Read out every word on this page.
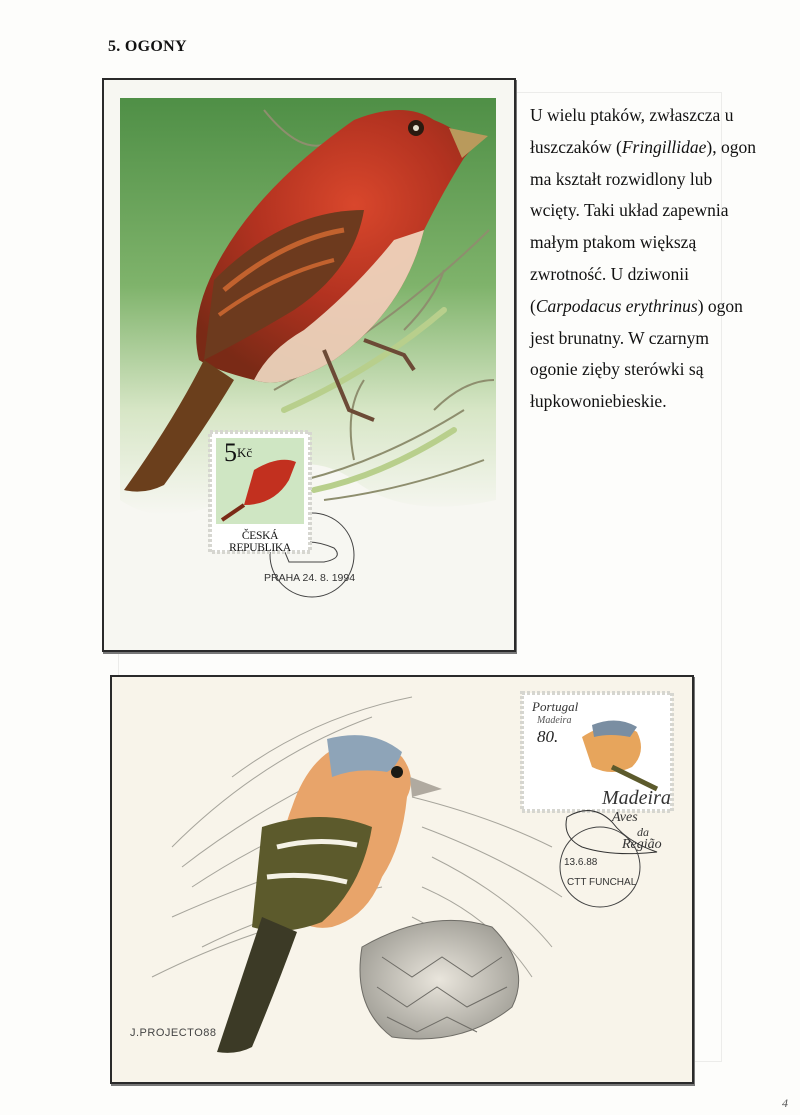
5. OGONY
$5^{Kč}$
ČESKÁ REPUBLIKA
PRAHA 24. 8. 1994
U wielu ptaków, zwłaszcza u łuszczaków (Fringillidae), ogon ma kształt rozwidlony lub wcięty. Taki układ zapewnia małym ptakom większą zwrotność. U dziwonii (Carpodacus erythrinus) ogon jest brunatny. W czarnym ogonie zięby sterówki są łupkowoniebieskie.
Portugal
Madeira
80.
Madeira
Aves
da
Região
13.6.88
CTT FUNCHAL
J.PROJECTO88
4
